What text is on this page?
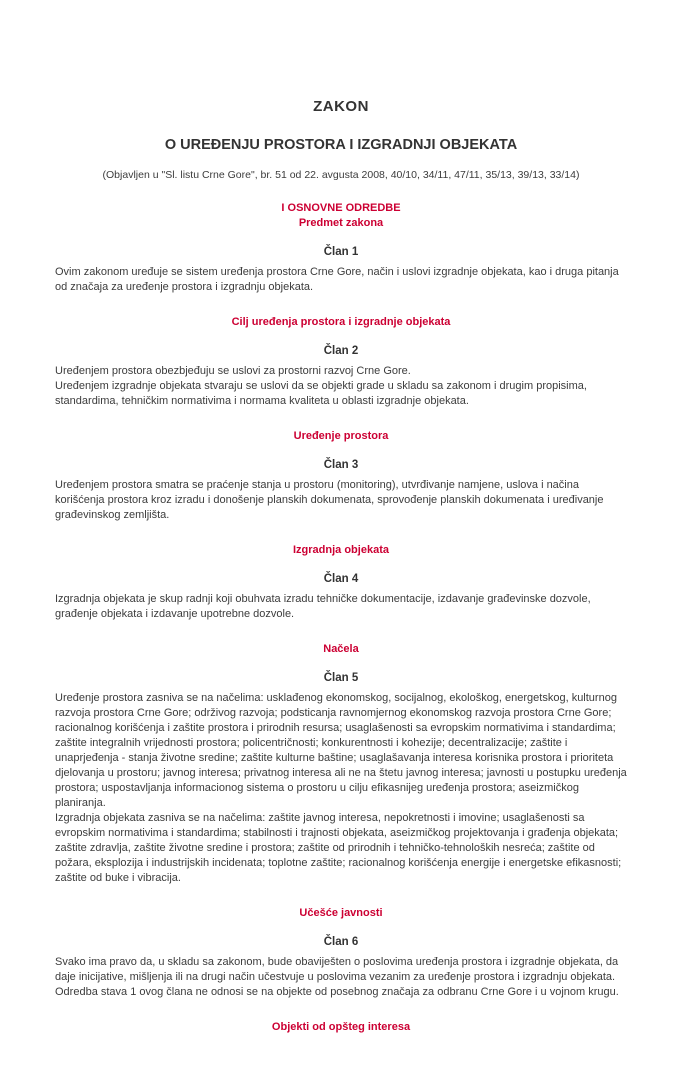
ZAKON
O UREĐENJU PROSTORA I IZGRADNJI OBJEKATA
(Objavljen u "Sl. listu Crne Gore", br. 51 od 22. avgusta 2008, 40/10, 34/11, 47/11, 35/13, 39/13, 33/14)
I OSNOVNE ODREDBE
Predmet zakona
Član 1

Ovim zakonom uređuje se sistem uređenja prostora Crne Gore, način i uslovi izgradnje objekata, kao i druga pitanja od značaja za uređenje prostora i izgradnju objekata.

Cilj uređenja prostora i izgradnje objekata
Član 2

Uređenjem prostora obezbjeđuju se uslovi za prostorni razvoj Crne Gore.

Uređenjem izgradnje objekata stvaraju se uslovi da se objekti grade u skladu sa zakonom i drugim propisima, standardima, tehničkim normativima i normama kvaliteta u oblasti izgradnje objekata.

Uređenje prostora
Član 3

Uređenjem prostora smatra se praćenje stanja u prostoru (monitoring), utvrđivanje namjene, uslova i načina korišćenja prostora kroz izradu i donošenje planskih dokumenata, sprovođenje planskih dokumenata i uređivanje građevinskog zemljišta.

Izgradnja objekata
Član 4

Izgradnja objekata je skup radnji koji obuhvata izradu tehničke dokumentacije, izdavanje građevinske dozvole, građenje objekata i izdavanje upotrebne dozvole.

Načela
Član 5

Uređenje prostora zasniva se na načelima: usklađenog ekonomskog, socijalnog, ekološkog, energetskog, kulturnog razvoja prostora Crne Gore; održivog razvoja; podsticanja ravnomjernog ekonomskog razvoja prostora Crne Gore; racionalnog korišćenja i zaštite prostora i prirodnih resursa; usaglašenosti sa evropskim normativima i standardima; zaštite integralnih vrijednosti prostora; policentričnosti; konkurentnosti i kohezije; decentralizacije; zaštite i unaprjeđenja - stanja životne sredine; zaštite kulturne baštine; usaglašavanja interesa korisnika prostora i prioriteta djelovanja u prostoru; javnog interesa; privatnog interesa ali ne na štetu javnog interesa; javnosti u postupku uređenja prostora; uspostavljanja informacionog sistema o prostoru u cilju efikasnijeg uređenja prostora; aseizmičkog planiranja.

Izgradnja objekata zasniva se na načelima: zaštite javnog interesa, nepokretnosti i imovine; usaglašenosti sa evropskim normativima i standardima; stabilnosti i trajnosti objekata, aseizmičkog projektovanja i građenja objekata; zaštite zdravlja, zaštite životne sredine i prostora; zaštite od prirodnih i tehničko-tehnoloških nesreća; zaštite od požara, eksplozija i industrijskih incidenata; toplotne zaštite; racionalnog korišćenja energije i energetske efikasnosti; zaštite od buke i vibracija.

Učešće javnosti
Član 6

Svako ima pravo da, u skladu sa zakonom, bude obaviješten o poslovima uređenja prostora i izgradnje objekata, da daje inicijative, mišljenja ili na drugi način učestvuje u poslovima vezanim za uređenje prostora i izgradnju objekata.

Odredba stava 1 ovog člana ne odnosi se na objekte od posebnog značaja za odbranu Crne Gore i u vojnom krugu.

Objekti od opšteg interesa
